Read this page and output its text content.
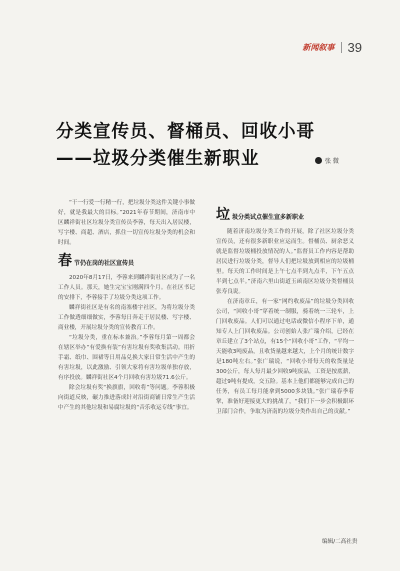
新闻叙事 39
分类宣传员、督桶员、回收小哥
——垃圾分类催生新职业	张 微

“干一行爱一行精一行，把垃圾分类这件关键小事做好，就是我最大的目标。”2021年春节期间，济南市中区麟祥街社区垃圾分类宣传员李蓉，每天出入居民楼，写字楼、商超、酒店，抓住一切宣传垃圾分类的机会和时间。

春 节仍在岗的社区宣传员

2020年8月17日，李蓉来到麟祥街社区成为了一名工作人员。那天，她生完宝宝刚满四个月。在社区书记的安排下，李蓉接手了垃圾分类这项工作。

麟祥街社区是有名的南塞楼宇社区，为将垃圾分类工作做透细细做实，李蓉每日奔走于居民楼、写字楼、商业楼，开展垃圾分类的宣传教育工作。

“垃圾分类，重在标本兼治。”李蓉每月第一周都会在辖区举办“有爱换有装”有害垃圾有奖收集活动。用折手霜、纸巾、围裙等日用品兑换大家日常生活中产生的有害垃圾，以此激励、引领大家将有害垃圾单独存放，有序投放。麟祥街社区4个月回收有害垃圾71.6公斤。

除会垃圾有奖“换旗旗，回收将”等问题。李蓉积极向街道反映，碾力推进落成针对沿街商铺日常生产生活中产生的其他垃圾和易腐垃圾的“音乐收运专线”事宜。

垃 圾分类试点催生宣多新职业

随着济南垃圾分类工作的开展，除了社区垃圾分类宣传员，还有很多新职业应运而生。督桶员、厨余恶义就是监督垃圾桶投放情况的人。”监督员工作内容是帮助居民进行垃圾分类，督导人们把垃圾放到相应的垃圾桶里。每天的工作时间是上午七点半到九点半，下午五点半到七点半。”济南六里山街道玉函南区垃圾分类督桶员张寿良说。

在济南章丘，有一家“网约收废品”的垃圾分类回收公司，“回收小哥”穿着统一制服，骑着统一三轮车，上门回收废品。人们可以通过电话或微信小程序下单，通知专人上门回收废品。公司创始人张广瑞介绍，已经在章丘建立了3个站点，有15个“回收小哥”工作，“平均一天能收3吨废品，且收货量越来越大，上个月的统计数字是180吨左右。”张广瑞说，“回收小哥每天的收货量是300公斤，每人每月最少回收9吨废品，工资是按底薪，超过9吨有提成，交五险。基本上他们都能够完成自己的任务，有员工每月能拿到5000多块钱。”张广瑞春季着掌，准备好迎接更大的挑战了，“我们下一步会积极跟环卫部门合作，争取为济南的垃圾分类作出自己的贡献。”

编辑/二高社贵
